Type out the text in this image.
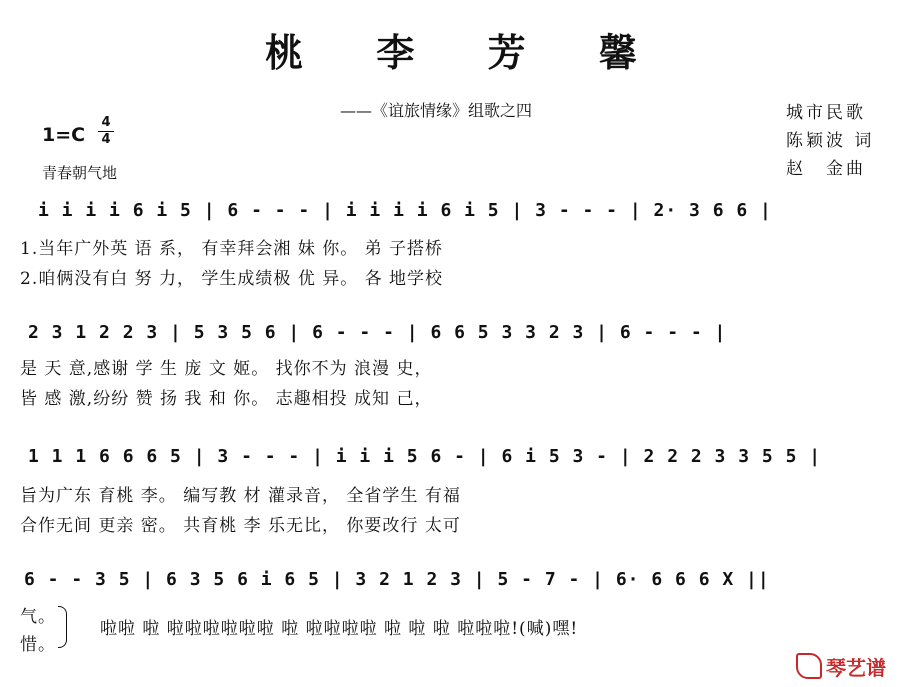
桃 李 芳 馨
——《谊旅情缘》组歌之四	城市民歌
陈颖波 词
赵　金曲
1=C
4
4
青春朝气地
i i i i 6 i 5 | 6 - - - | i i i i 6 i 5 | 3 - - - | 2· 3 6 6 |
1.当年广外英 语 系， 有幸拜会湘 妹 你。 弟 子搭桥
2.咱俩没有白 努 力， 学生成绩极 优 异。 各 地学校
2 3 1 2 2 3 | 5 3 5 6 | 6 - - - | 6 6 5 3 3 2 3 | 6 - - - |
是 天 意,感谢 学 生 庞 文 姬。 找你不为 浪漫 史，
皆 感 激,纷纷 赞 扬 我 和 你。 志趣相投 成知 己，
1 1 1 6 6 6 5 | 3 - - - | i i i 5 6 - | 6 i 5 3 - | 2 2 2 3 3 5 5 |
旨为广东 育桃 李。 编写教 材 灌录音， 全省学生 有福
合作无间 更亲 密。 共育桃 李 乐无比， 你要改行 太可
6 - - 3 5 | 6 3 5 6 i 6 5 | 3 2 1 2 3 | 5 - 7 - | 6· 6 6 6 X ||
气。
惜。
啦啦 啦 啦啦啦啦啦啦 啦 啦啦啦啦 啦 啦 啦 啦啦啦!(喊)嘿!
琴艺谱
